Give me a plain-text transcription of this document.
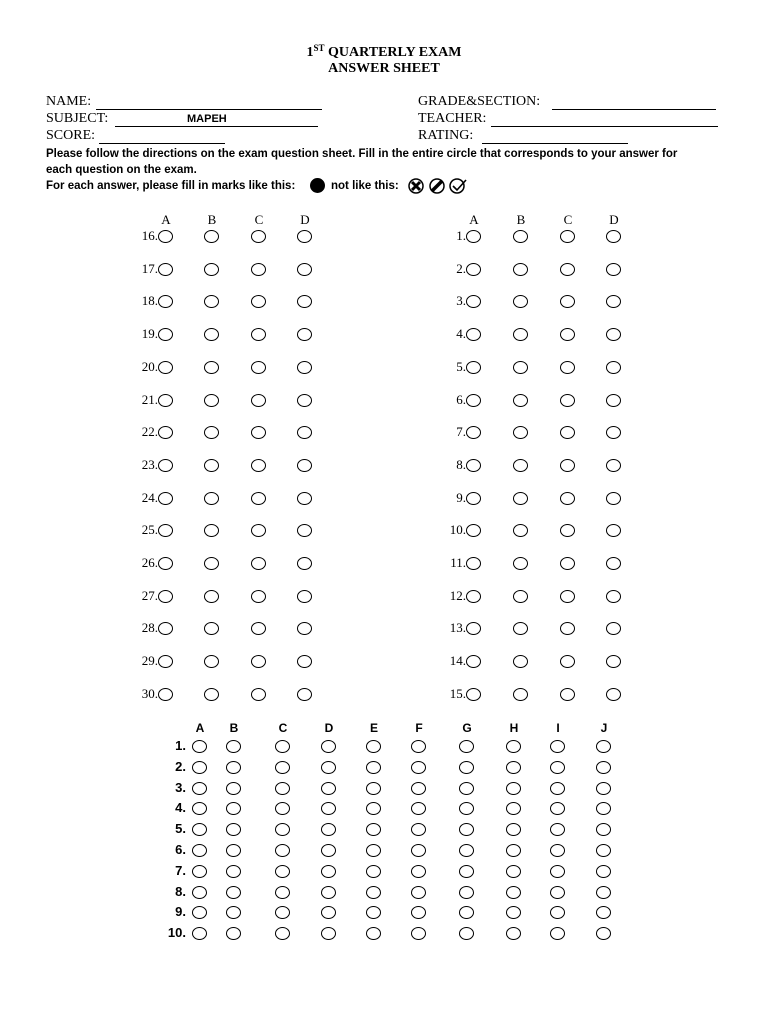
1ST QUARTERLY EXAM
ANSWER SHEET
NAME:
SUBJECT:	MAPEH
SCORE:
GRADE&SECTION:
TEACHER:
RATING:
Please follow the directions on the exam question sheet. Fill in the entire circle that corresponds to your answer for
each question on the exam.
For each answer, please fill in marks like this:	not like this:
A	B	C	D
16.
17.
18.
19.
20.
21.
22.
23.
24.
25.
26.
27.
28.
29.
30.
A	B	C	D
1.
2.
3.
4.
5.
6.
7.
8.
9.
10.
11.
12.
13.
14.
15.
A	B	C	D	E	F	G	H	I	J
1.
2.
3.
4.
5.
6.
7.
8.
9.
10.
